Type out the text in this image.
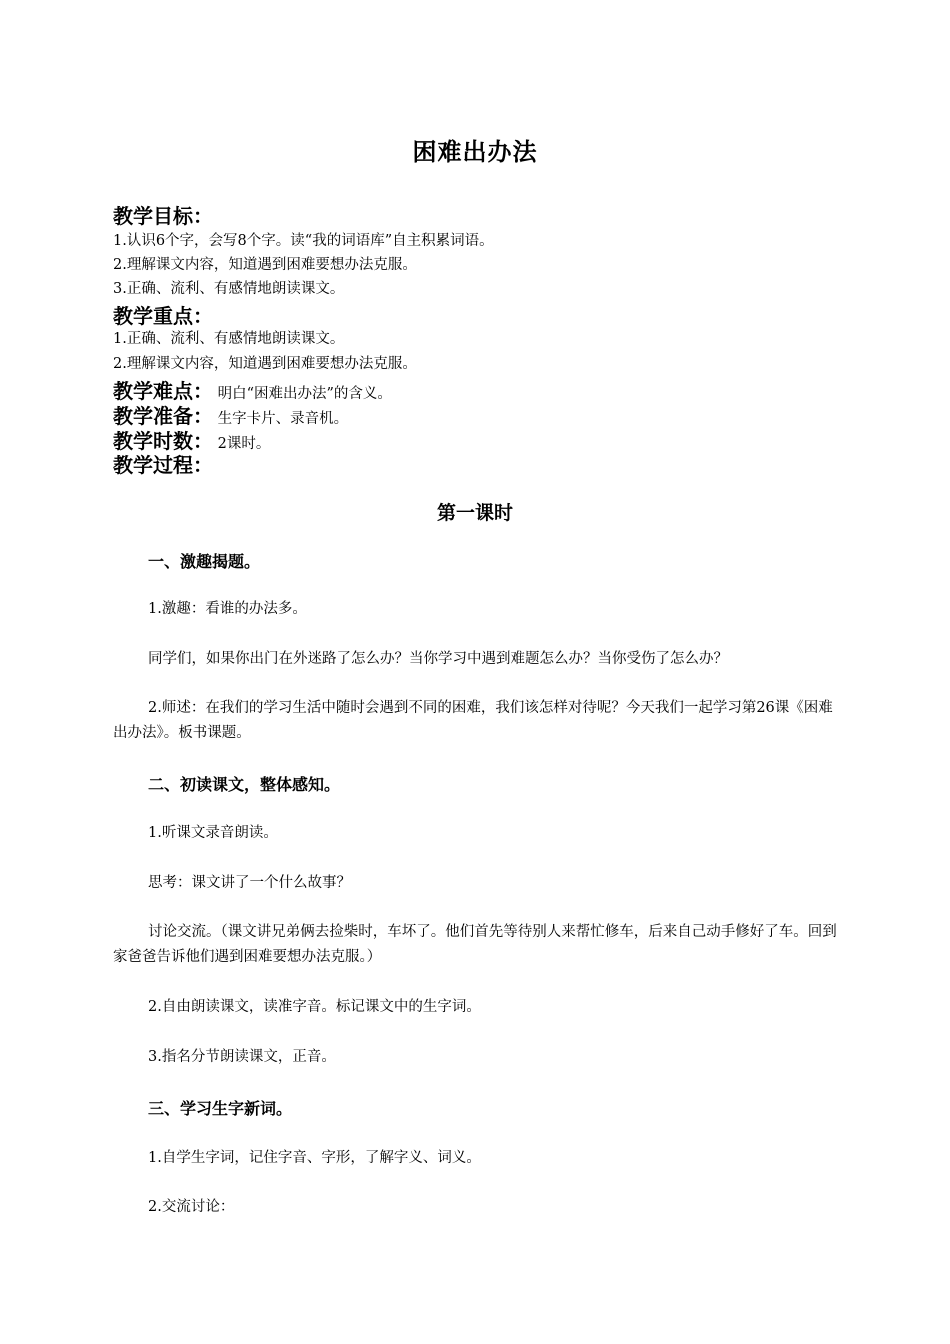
困难出办法
教学目标：
1.认识6个字，会写8个字。读“我的词语库”自主积累词语。
2.理解课文内容，知道遇到困难要想办法克服。
3.正确、流利、有感情地朗读课文。
教学重点：
1.正确、流利、有感情地朗读课文。
2.理解课文内容，知道遇到困难要想办法克服。
教学难点： 明白“困难出办法”的含义。
教学准备： 生字卡片、录音机。
教学时数： 2课时。
教学过程：
第一课时
一、激趣揭题。
1.激趣：看谁的办法多。
同学们，如果你出门在外迷路了怎么办？当你学习中遇到难题怎么办？当你受伤了怎么办？
2.师述：在我们的学习生活中随时会遇到不同的困难，我们该怎样对待呢？今天我们一起学习第26课《困难出办法》。板书课题。
二、初读课文，整体感知。
1.听课文录音朗读。
思考：课文讲了一个什么故事？
讨论交流。（课文讲兄弟俩去捡柴时，车坏了。他们首先等待别人来帮忙修车，后来自己动手修好了车。回到家爸爸告诉他们遇到困难要想办法克服。）
2.自由朗读课文，读准字音。标记课文中的生字词。
3.指名分节朗读课文，正音。
三、学习生字新词。
1.自学生字词，记住字音、字形，了解字义、词义。
2.交流讨论：
